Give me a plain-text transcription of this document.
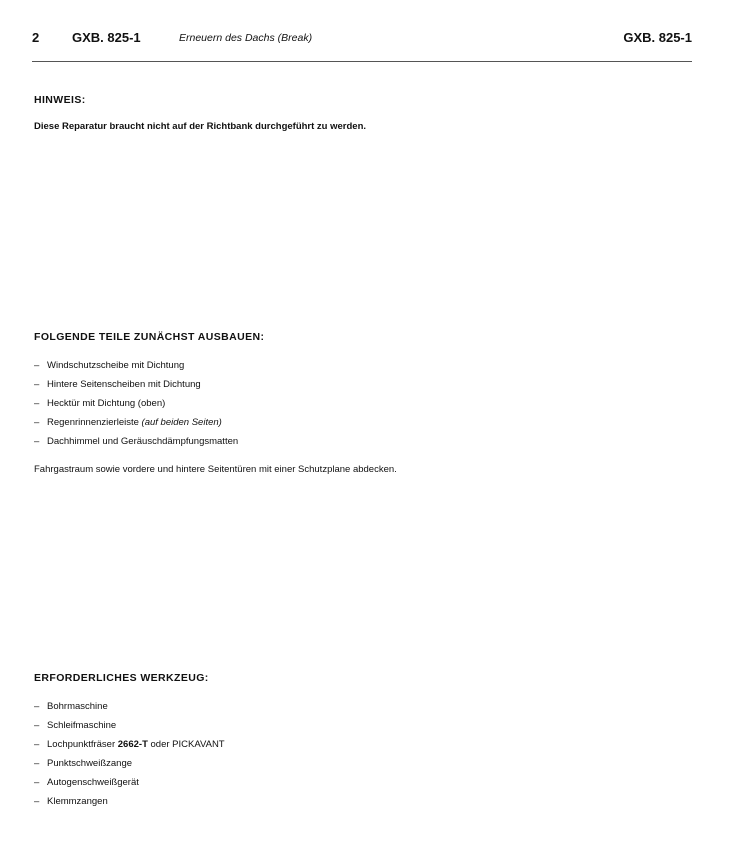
2	GXB. 825-1	Erneuern des Dachs (Break)	GXB. 825-1
HINWEIS:
Diese Reparatur braucht nicht auf der Richtbank durchgeführt zu werden.
FOLGENDE TEILE ZUNÄCHST AUSBAUEN:
– Windschutzscheibe mit Dichtung
– Hintere Seitenscheiben mit Dichtung
– Hecktür mit Dichtung (oben)
– Regenrinnenzierleiste (auf beiden Seiten)
– Dachhimmel und Geräuschdämpfungsmatten
Fahrgastraum sowie vordere und hintere Seitentüren mit einer Schutzplane abdecken.
ERFORDERLICHES WERKZEUG:
– Bohrmaschine
– Schleifmaschine
– Lochpunktfräser 2662-T oder PICKAVANT
– Punktschweißzange
– Autogenschweißgerät
– Klemmzangen
